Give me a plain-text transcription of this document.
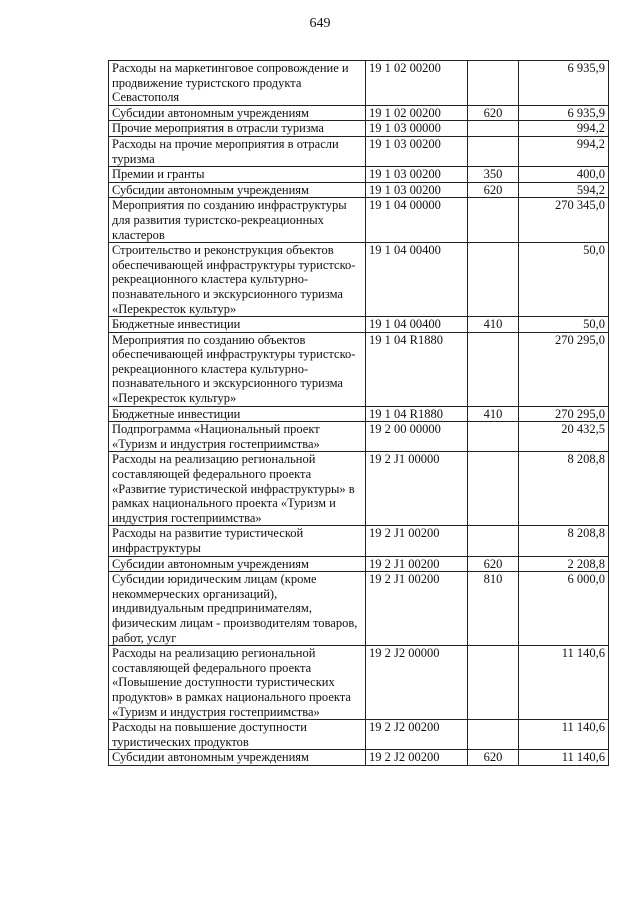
649
Расходы на маркетинговое сопровождение и продвижение туристского продукта Севастополя	19 1 02 00200		6 935,9
Субсидии автономным учреждениям	19 1 02 00200	620	6 935,9
Прочие мероприятия в отрасли туризма	19 1 03 00000		994,2
Расходы на прочие мероприятия в отрасли туризма	19 1 03 00200		994,2
Премии и гранты	19 1 03 00200	350	400,0
Субсидии автономным учреждениям	19 1 03 00200	620	594,2
Мероприятия по созданию инфраструктуры для развития туристско-рекреационных кластеров	19 1 04 00000		270 345,0
Строительство и реконструкция объектов обеспечивающей инфраструктуры туристско-рекреационного кластера культурно-познавательного и экскурсионного туризма «Перекресток культур»	19 1 04 00400		50,0
Бюджетные инвестиции	19 1 04 00400	410	50,0
Мероприятия по созданию объектов обеспечивающей инфраструктуры туристско-рекреационного кластера культурно-познавательного и экскурсионного туризма «Перекресток культур»	19 1 04 R1880		270 295,0
Бюджетные инвестиции	19 1 04 R1880	410	270 295,0
Подпрограмма «Национальный проект «Туризм и индустрия гостеприимства»	19 2 00 00000		20 432,5
Расходы на реализацию региональной составляющей федерального проекта «Развитие туристической инфраструктуры» в рамках национального проекта «Туризм и индустрия гостеприимства»	19 2 J1 00000		8 208,8
Расходы на развитие туристической инфраструктуры	19 2 J1 00200		8 208,8
Субсидии автономным учреждениям	19 2 J1 00200	620	2 208,8
Субсидии юридическим лицам (кроме некоммерческих организаций), индивидуальным предпринимателям, физическим лицам - производителям товаров, работ, услуг	19 2 J1 00200	810	6 000,0
Расходы на реализацию региональной составляющей федерального проекта «Повышение доступности туристических продуктов» в рамках национального проекта «Туризм и индустрия гостеприимства»	19 2 J2 00000		11 140,6
Расходы на повышение доступности туристических продуктов	19 2 J2 00200		11 140,6
Субсидии автономным учреждениям	19 2 J2 00200	620	11 140,6
